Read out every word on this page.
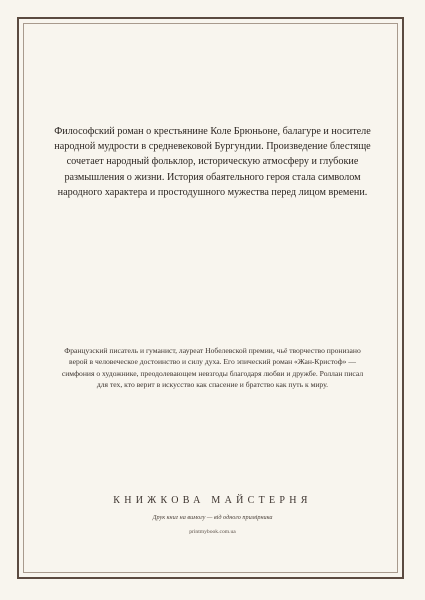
Философский роман о крестьянине Коле Брюньоне, балагуре и носителе народной мудрости в средневековой Бургундии. Произведение блестяще сочетает народный фольклор, историческую атмосферу и глубокие размышления о жизни. История обаятельного героя стала символом народного характера и простодушного мужества перед лицом времени.

Французский писатель и гуманист, лауреат Нобелевской премии, чьё творчество пронизано верой в человеческое достоинство и силу духа. Его эпический роман «Жан-Кристоф» — симфония о художнике, преодолевающем невзгоды благодаря любви и дружбе. Роллан писал для тех, кто верит в искусство как спасение и братство как путь к миру.

КНИЖКОВА МАЙСТЕРНЯ

Друк книг на вимогу — від одного примірника

printmybook.com.ua
